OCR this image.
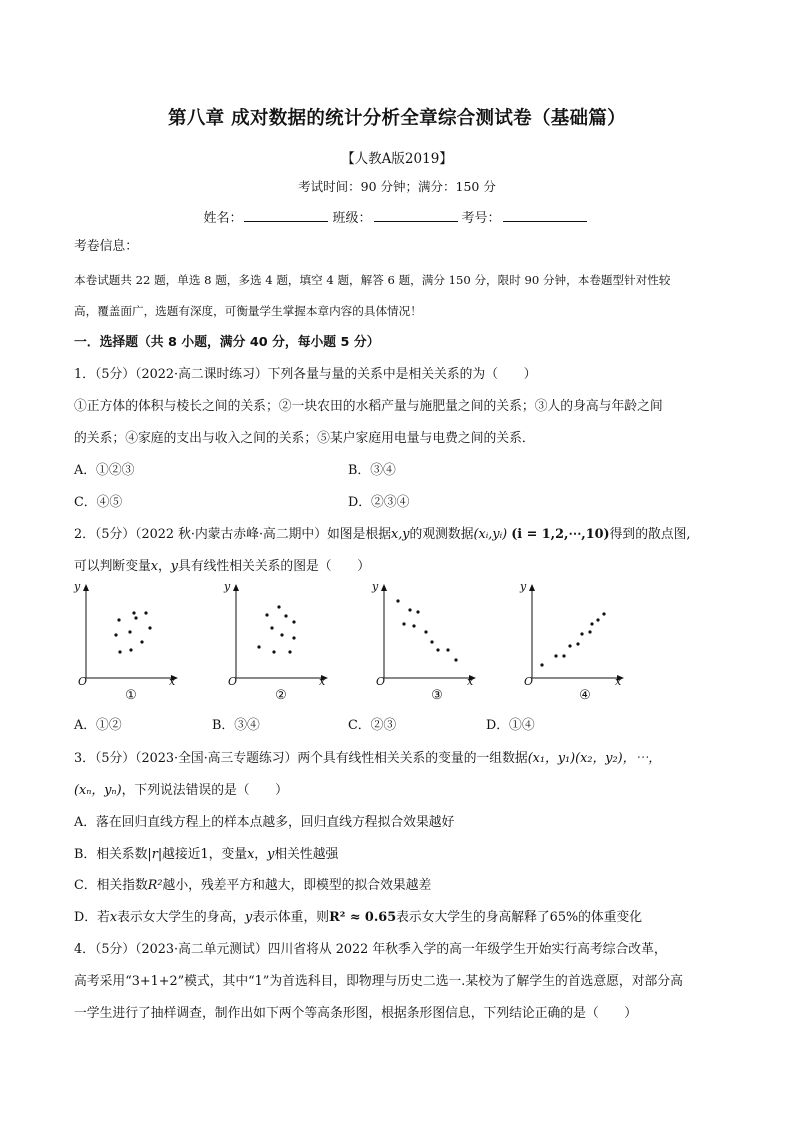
第八章 成对数据的统计分析全章综合测试卷（基础篇）
【人教A版2019】
考试时间：90 分钟；满分：150 分
姓名：	班级：	考号：
考卷信息：
本卷试题共 22 题，单选 8 题，多选 4 题，填空 4 题，解答 6 题，满分 150 分，限时 90 分钟，本卷题型针对性较
高，覆盖面广，选题有深度，可衡量学生掌握本章内容的具体情况！
一．选择题（共 8 小题，满分 40 分，每小题 5 分）
1．（5分）（2022·高二课时练习）下列各量与量的关系中是相关关系的为（　　）
①正方体的体积与棱长之间的关系；②一块农田的水稻产量与施肥量之间的关系；③人的身高与年龄之间
的关系；④家庭的支出与收入之间的关系；⑤某户家庭用电量与电费之间的关系．
A．①②③	B．③④
C．④⑤	D．②③④
2．（5分）（2022 秋·内蒙古赤峰·高二期中）如图是根据x,y的观测数据(xᵢ,yᵢ) (i = 1,2,⋯,10)得到的散点图,
可以判断变量x，y具有线性相关关系的图是（　　）
y
x
O
①
y
x
O
②
y
x
O
③
y
x
O
④
A．①②	B．③④	C．②③	D．①④
3．（5分）（2023·全国·高三专题练习）两个具有线性相关关系的变量的一组数据(x₁，y₁)(x₂，y₂)，⋯，
(xₙ，yₙ)，下列说法错误的是（　　）
A．落在回归直线方程上的样本点越多，回归直线方程拟合效果越好
B．相关系数|r|越接近1，变量x，y相关性越强
C．相关指数R²越小，残差平方和越大，即模型的拟合效果越差
D．若x表示女大学生的身高，y表示体重，则R² ≈ 0.65表示女大学生的身高解释了65%的体重变化
4．（5分）（2023·高二单元测试）四川省将从 2022 年秋季入学的高一年级学生开始实行高考综合改革，
高考采用“3+1+2”模式，其中“1”为首选科目，即物理与历史二选一.某校为了解学生的首选意愿，对部分高
一学生进行了抽样调查，制作出如下两个等高条形图，根据条形图信息，下列结论正确的是（　　）
